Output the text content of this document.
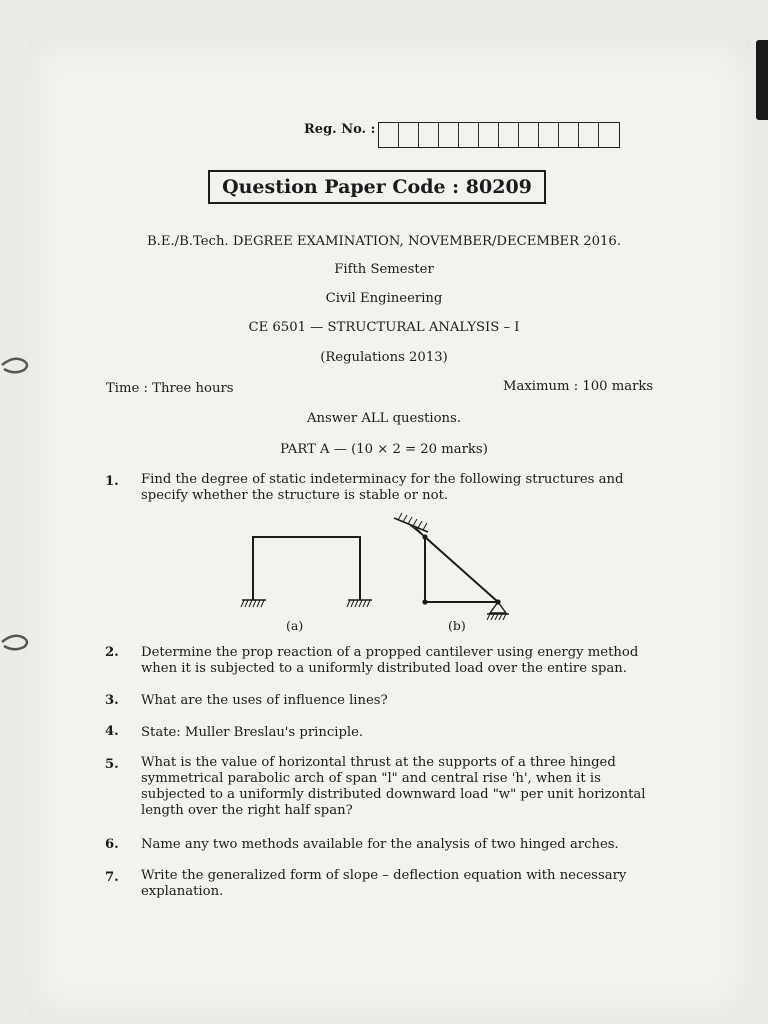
Reg. No. :
Question Paper Code : 80209
B.E./B.Tech. DEGREE EXAMINATION, NOVEMBER/DECEMBER 2016.
Fifth Semester
Civil Engineering
CE 6501 — STRUCTURAL ANALYSIS – I
(Regulations 2013)
Time : Three hours	Maximum : 100 marks
Answer ALL questions.
PART A — (10 × 2 = 20 marks)
1. Find the degree of static indeterminacy for the following structures and specify whether the structure is stable or not.
(a)	(b)
2. Determine the prop reaction of a propped cantilever using energy method when it is subjected to a uniformly distributed load over the entire span.
3. What are the uses of influence lines?
4. State: Muller Breslau's principle.
5. What is the value of horizontal thrust at the supports of a three hinged symmetrical parabolic arch of span "l" and central rise 'h', when it is subjected to a uniformly distributed downward load "w" per unit horizontal length over the right half span?
6. Name any two methods available for the analysis of two hinged arches.
7. Write the generalized form of slope – deflection equation with necessary explanation.
